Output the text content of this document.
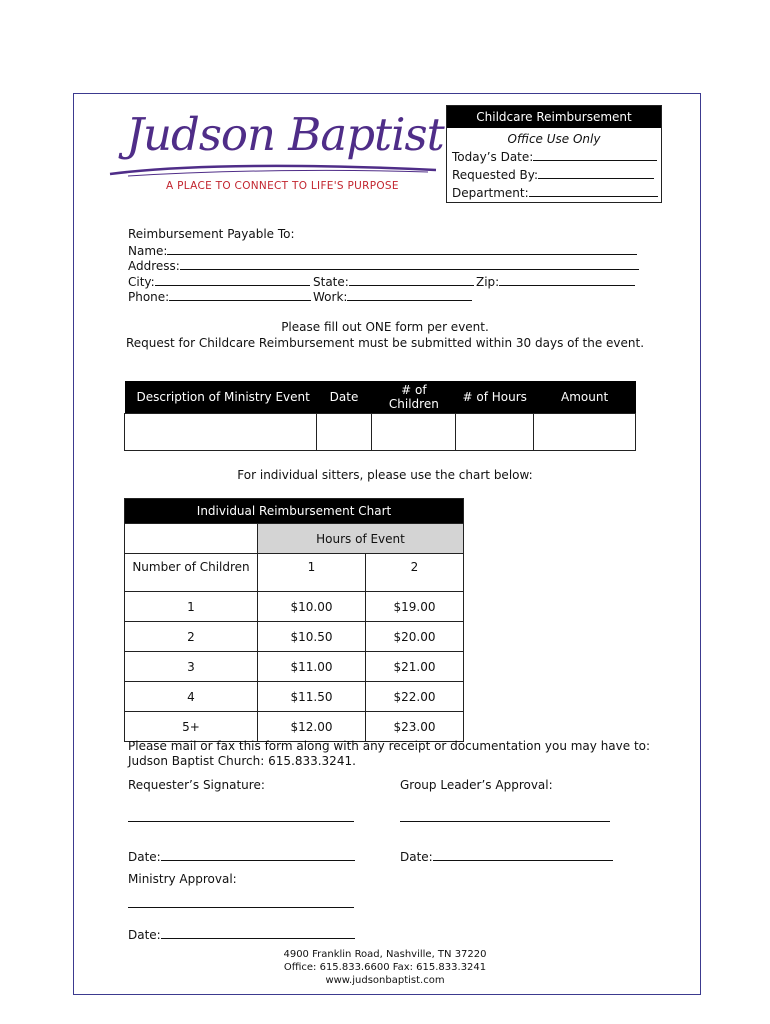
Judson Baptist
A PLACE TO CONNECT TO LIFE'S PURPOSE
Childcare Reimbursement
Office Use Only
Today’s Date:
Requested By:
Department:
Reimbursement Payable To:
Name:
Address:
City:	State:	Zip:
Phone:	Work:
Please fill out ONE form per event.
Request for Childcare Reimbursement must be submitted within 30 days of the event.
Description of Ministry Event	Date	# of Children	# of Hours	Amount

For individual sitters, please use the chart below:
Individual Reimbursement Chart		
	Hours of Event	
Number of Children	1	2
1	$10.00	$19.00
2	$10.50	$20.00
3	$11.00	$21.00
4	$11.50	$22.00
5+	$12.00	$23.00
Please mail or fax this form along with any receipt or documentation you may have to:
Judson Baptist Church: 615.833.3241.
Requester’s Signature:	Group Leader’s Approval:
Date:	Date:
Ministry Approval:
Date:
4900 Franklin Road, Nashville, TN 37220
Office: 615.833.6600 Fax: 615.833.3241
www.judsonbaptist.com
